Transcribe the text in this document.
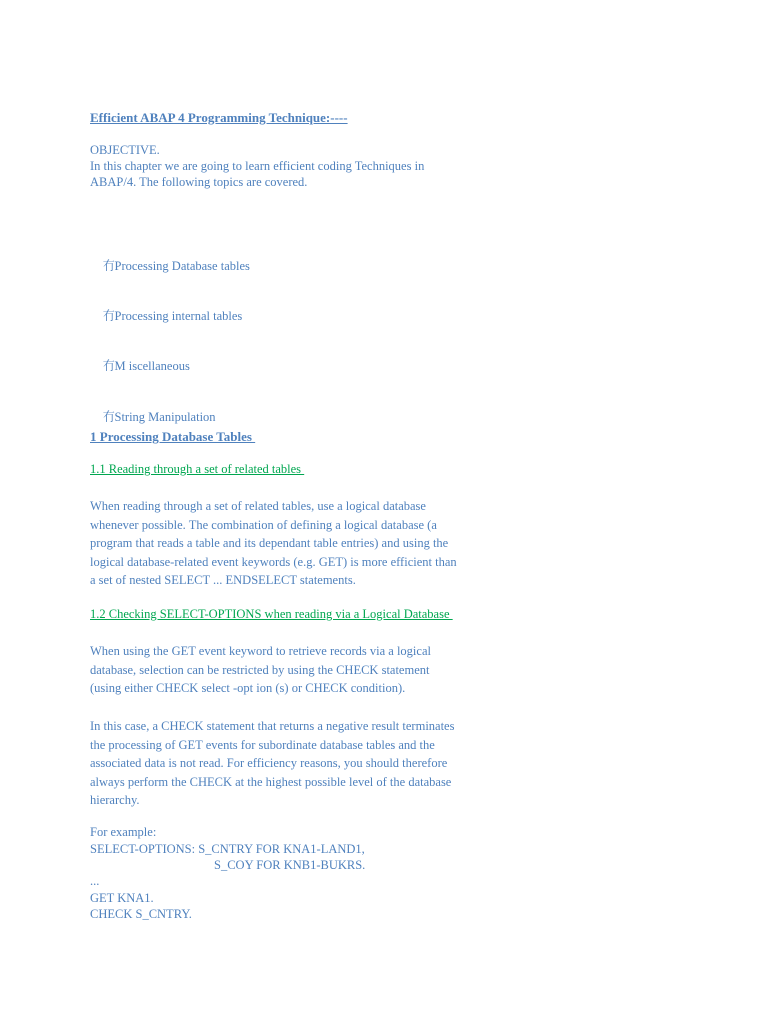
Efficient ABAP 4 Programming Technique:----
OBJECTIVE.
In this chapter we are going to learn efficient coding Techniques in
ABAP/4. The following topics are covered.

冇Processing Database tables

冇Processing internal tables

冇M iscellaneous

冇String Manipulation

1 Processing Database Tables
1.1 Reading through a set of related tables
When reading through a set of related tables, use a logical database
whenever possible. The combination of defining a logical database (a
program that reads a table and its dependant table entries) and using the
logical database-related event keywords (e.g. GET) is more efficient than
a set of nested SELECT ... ENDSELECT statements.
1.2 Checking SELECT-OPTIONS when reading via a Logical Database
When using the GET event keyword to retrieve records via a logical
database, selection can be restricted by using the CHECK statement
(using either CHECK select -opt ion (s) or CHECK condition).
In this case, a CHECK statement that returns a negative result terminates
the processing of GET events for subordinate database tables and the
associated data is not read. For efficiency reasons, you should therefore
always perform the CHECK at the highest possible level of the database
hierarchy.
For example:
SELECT-OPTIONS: S_CNTRY FOR KNA1-LAND1,
S_COY FOR KNB1-BUKRS.
...
GET KNA1.
CHECK S_CNTRY.
